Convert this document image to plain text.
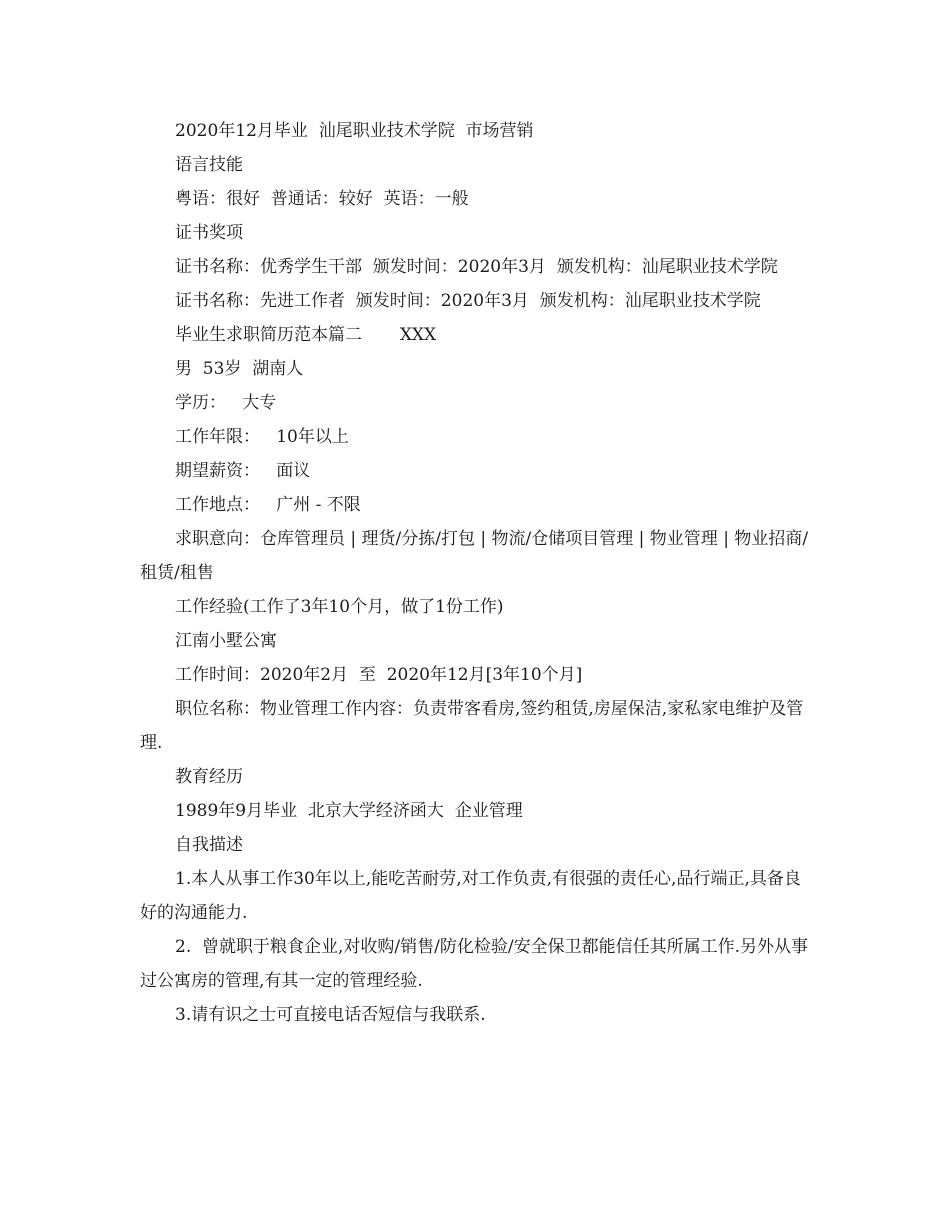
2020年12月毕业  汕尾职业技术学院  市场营销

语言技能

粤语：很好  普通话：较好  英语：一般

证书奖项

证书名称：优秀学生干部  颁发时间：2020年3月  颁发机构：汕尾职业技术学院

证书名称：先进工作者  颁发时间：2020年3月  颁发机构：汕尾职业技术学院

毕业生求职简历范本篇二       XXX

男  53岁  湖南人

学历：   大专

工作年限：   10年以上

期望薪资：   面议

工作地点：   广州 - 不限

求职意向：仓库管理员 | 理货/分拣/打包 | 物流/仓储项目管理 | 物业管理 | 物业招商/租赁/租售

工作经验(工作了3年10个月，做了1份工作)

江南小墅公寓

工作时间：2020年2月  至  2020年12月[3年10个月]

职位名称：物业管理工作内容：负责带客看房,签约租赁,房屋保洁,家私家电维护及管理.

教育经历

1989年9月毕业  北京大学经济函大  企业管理

自我描述

1.本人从事工作30年以上,能吃苦耐劳,对工作负责,有很强的责任心,品行端正,具备良好的沟通能力.

2.  曾就职于粮食企业,对收购/销售/防化检验/安全保卫都能信任其所属工作.另外从事过公寓房的管理,有其一定的管理经验.

3.请有识之士可直接电话否短信与我联系.
